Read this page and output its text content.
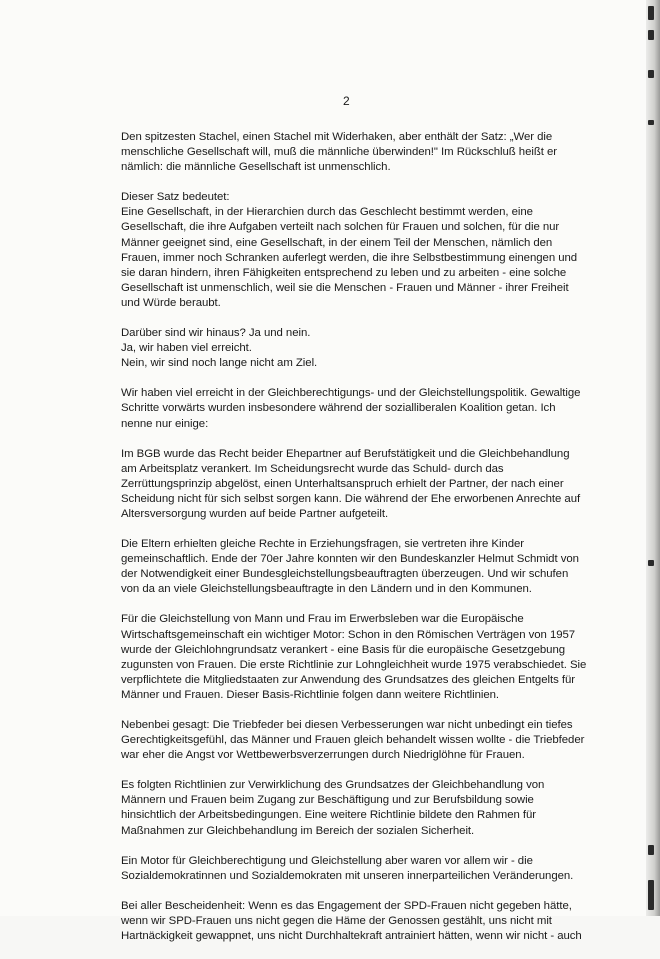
2

Den spitzesten Stachel, einen Stachel mit Widerhaken, aber enthält der Satz: „Wer die
menschliche Gesellschaft will, muß die männliche überwinden!" Im Rückschluß heißt er
nämlich: die männliche Gesellschaft ist unmenschlich.

Dieser Satz bedeutet:
Eine Gesellschaft, in der Hierarchien durch das Geschlecht bestimmt werden, eine
Gesellschaft, die ihre Aufgaben verteilt nach solchen für Frauen und solchen, für die nur
Männer geeignet sind, eine Gesellschaft, in der einem Teil der Menschen, nämlich den
Frauen, immer noch Schranken auferlegt werden, die ihre Selbstbestimmung einengen und
sie daran hindern, ihren Fähigkeiten entsprechend zu leben und zu arbeiten - eine solche
Gesellschaft ist unmenschlich, weil sie die Menschen - Frauen und Männer - ihrer Freiheit
und Würde beraubt.

Darüber sind wir hinaus? Ja und nein.
Ja, wir haben viel erreicht.
Nein, wir sind noch lange nicht am Ziel.

Wir haben viel erreicht in der Gleichberechtigungs- und der Gleichstellungspolitik. Gewaltige
Schritte vorwärts wurden insbesondere während der sozialliberalen Koalition getan. Ich
nenne nur einige:

Im BGB wurde das Recht beider Ehepartner auf Berufstätigkeit und die Gleichbehandlung
am Arbeitsplatz verankert. Im Scheidungsrecht wurde das Schuld- durch das
Zerrüttungsprinzip abgelöst, einen Unterhaltsanspruch erhielt der Partner, der nach einer
Scheidung nicht für sich selbst sorgen kann. Die während der Ehe erworbenen Anrechte auf
Altersversorgung wurden auf beide Partner aufgeteilt.

Die Eltern erhielten gleiche Rechte in Erziehungsfragen, sie vertreten ihre Kinder
gemeinschaftlich. Ende der 70er Jahre konnten wir den Bundeskanzler Helmut Schmidt von
der Notwendigkeit einer Bundesgleichstellungsbeauftragten überzeugen. Und wir schufen
von da an viele Gleichstellungsbeauftragte in den Ländern und in den Kommunen.

Für die Gleichstellung von Mann und Frau im Erwerbsleben war die Europäische
Wirtschaftsgemeinschaft ein wichtiger Motor: Schon in den Römischen Verträgen von 1957
wurde der Gleichlohngrundsatz verankert - eine Basis für die europäische Gesetzgebung
zugunsten von Frauen. Die erste Richtlinie zur Lohngleichheit wurde 1975 verabschiedet. Sie
verpflichtete die Mitgliedstaaten zur Anwendung des Grundsatzes des gleichen Entgelts für
Männer und Frauen. Dieser Basis-Richtlinie folgen dann weitere Richtlinien.

Nebenbei gesagt: Die Triebfeder bei diesen Verbesserungen war nicht unbedingt ein tiefes
Gerechtigkeitsgefühl, das Männer und Frauen gleich behandelt wissen wollte - die Triebfeder
war eher die Angst vor Wettbewerbsverzerrungen durch Niedriglöhne für Frauen.

Es folgten Richtlinien zur Verwirklichung des Grundsatzes der Gleichbehandlung von
Männern und Frauen beim Zugang zur Beschäftigung und zur Berufsbildung sowie
hinsichtlich der Arbeitsbedingungen. Eine weitere Richtlinie bildete den Rahmen für
Maßnahmen zur Gleichbehandlung im Bereich der sozialen Sicherheit.

Ein Motor für Gleichberechtigung und Gleichstellung aber waren vor allem wir - die
Sozialdemokratinnen und Sozialdemokraten mit unseren innerparteilichen Veränderungen.

Bei aller Bescheidenheit: Wenn es das Engagement der SPD-Frauen nicht gegeben hätte,
wenn wir SPD-Frauen uns nicht gegen die Häme der Genossen gestählt, uns nicht mit
Hartnäckigkeit gewappnet, uns nicht Durchhaltekraft antrainiert hätten, wenn wir nicht - auch
